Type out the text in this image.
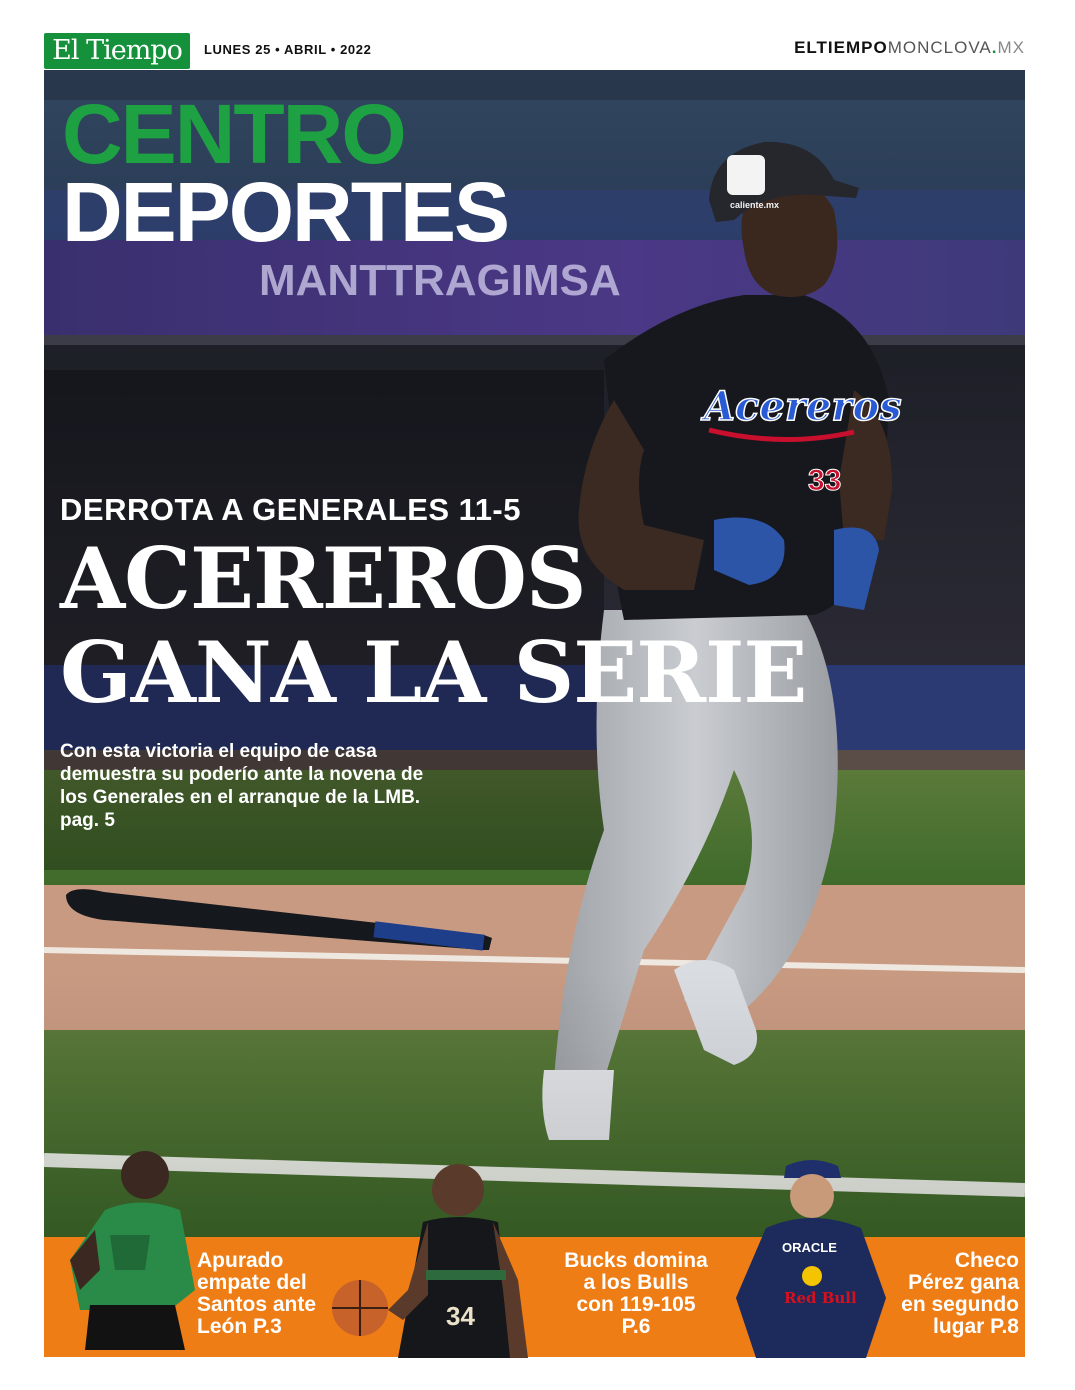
El Tiempo	LUNES 25 • ABRIL • 2022	ELTIEMPOMONCLOVA.MX
MANTTRAGIMSA
Acereros
33
caliente.mx
CENTRO
DEPORTES
DERROTA A GENERALES 11-5
ACEREROS
GANA LA SERIE
Con esta victoria el equipo de casa demuestra su poderío ante la novena de los Generales en el arranque de la LMB. pag. 5
34
ORACLE
Red Bull
Apurado
empate del
Santos ante
León P.3
Bucks domina
a los Bulls
con 119-105
P.6
Checo
Pérez gana
en segundo
lugar P.8
